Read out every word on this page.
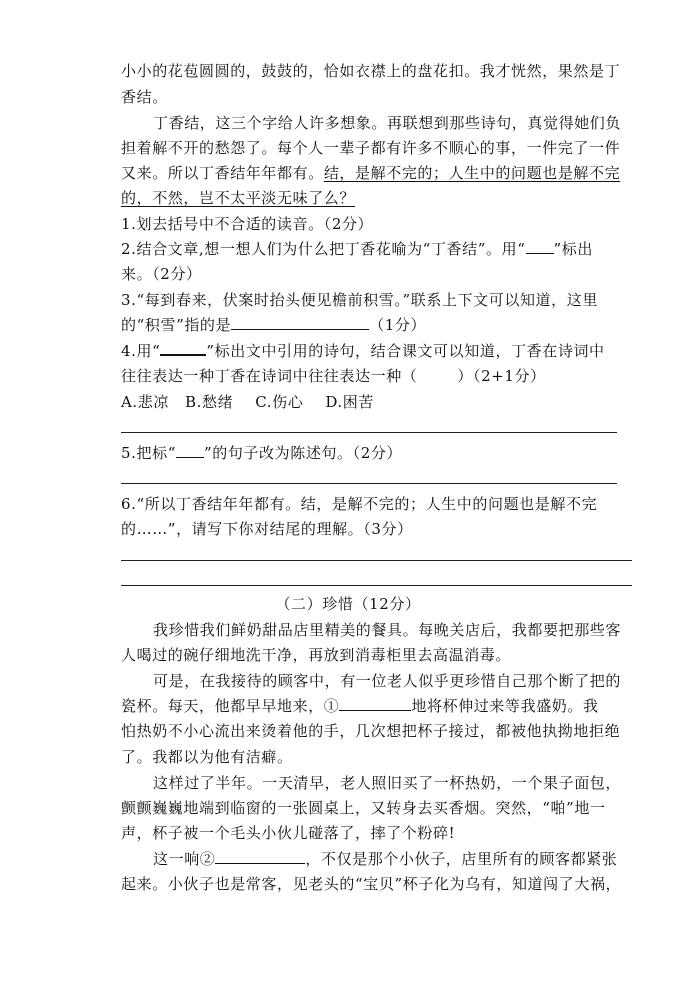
小小的花苞圆圆的，鼓鼓的，恰如衣襟上的盘花扣。我才恍然，果然是丁
香结。
丁香结，这三个字给人许多想象。再联想到那些诗句，真觉得她们负
担着解不开的愁怨了。每个人一辈子都有许多不顺心的事，一件完了一件
又来。所以丁香结年年都有。结，是解不完的；人生中的问题也是解不完
的，不然，岂不太平淡无味了么？
1.划去括号中不合适的读音。（2分）
2.结合文章,想一想人们为什么把丁香花喻为“丁香结”。用“ ”标出
来。（2分）
3.“每到春来，伏案时抬头便见檐前积雪。”联系上下文可以知道，这里
的“积雪”指的是	（1分）
4.用“	”标出文中引用的诗句，结合课文可以知道，丁香在诗词中
往往表达一种丁香在诗词中往往表达一种（	）（2+1分）
A.悲凉 B.愁绪 C.伤心 D.困苦
5.把标“ ”的句子改为陈述句。（2分）
6.“所以丁香结年年都有。结，是解不完的；人生中的问题也是解不完
的……”，请写下你对结尾的理解。（3分）
（二）珍惜（12分）
我珍惜我们鲜奶甜品店里精美的餐具。每晚关店后，我都要把那些客
人喝过的碗仔细地洗干净，再放到消毒柜里去高温消毒。
可是，在我接待的顾客中，有一位老人似乎更珍惜自己那个断了把的
瓷杯。每天，他都早早地来，①	地将杯伸过来等我盛奶。我
怕热奶不小心流出来烫着他的手，几次想把杯子接过，都被他执拗地拒绝
了。我都以为他有洁癖。
这样过了半年。一天清早，老人照旧买了一杯热奶，一个果子面包，
颤颤巍巍地端到临窗的一张圆桌上，又转身去买香烟。突然，“啪”地一
声，杯子被一个毛头小伙儿碰落了，摔了个粉碎!
这一响②	，不仅是那个小伙子，店里所有的顾客都紧张
起来。小伙子也是常客，见老头的“宝贝”杯子化为乌有，知道闯了大祸，
